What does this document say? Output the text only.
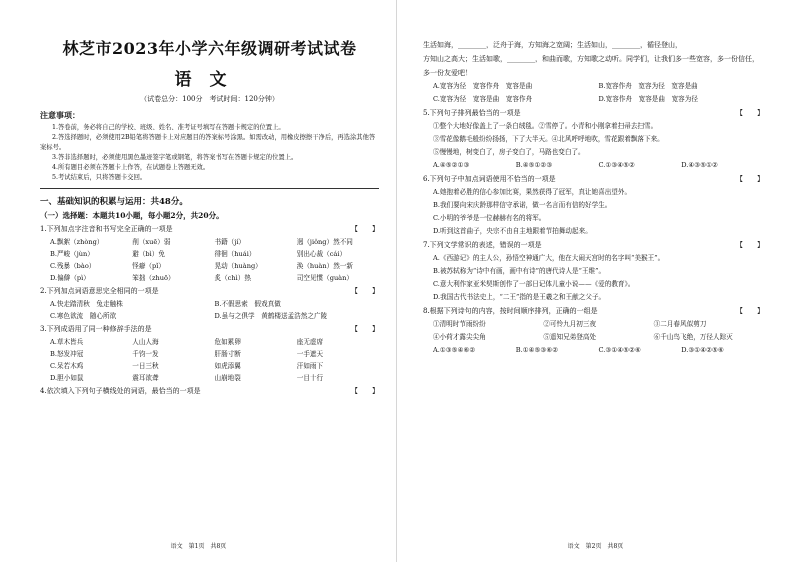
林芝市2023年小学六年级调研考试试卷

语文

（试卷总分：100分　考试时间：120分钟）

注意事项：

1.答卷前，务必将自己的学校、班级、姓名、准考证号填写在答题卡规定的位置上。

2.答选择题时，必须使用2B铅笔将答题卡上对应题目的答案标号涂黑。如需改动，用橡皮擦擦干净后，再选涂其他答案标号。

3.答非选择题时，必须使用黑色墨迹签字笔或钢笔，将答案书写在答题卡规定的位置上。

4.所有题目必须在答题卡上作答，在试题卷上答题无效。

5.考试结束后，只将答题卡交回。

一、基础知识的积累与运用：共48分。

（一）选择题：本题共10小题，每小题2分，共20分。

1.下列加点字注音和书写完全正确的一项是	【　　】
A.飘絮（zhòng）	削（xuē）弱	书籍（jí）	迥（jiǒng）然不同
B.严峻（jùn）	避（bì）免	徘徊（huái）	别出心裁（cái）
C.残暴（bào）	怪癖（pǐ）	晃动（huàng）	涣（huàn）然一新
D.偏僻（pì）	笨拙（zhuō）	炙（chì）热	司空见惯（guàn）
2.下列加点词语意思完全相同的一项是	【　　】
A.快走踏清秋　兔走触株	B.不假思索　假戏真做
C.寒色欲流　随心所欲	D.虽与之俱学　黄鹤楼送孟浩然之广陵
3.下列成语用了同一种修辞手法的是	【　　】
A.草木皆兵	人山人海	危如累卵	座无虚席
B.怒发冲冠	千钧一发	肝肠寸断	一手遮天
C.呆若木鸡	一日三秋	如虎添翼	汗如雨下
D.胆小如鼠	震耳欲聋	山崩地裂	一目十行
4.依次填入下列句子横线处的词语，最恰当的一项是	【　　】
语文　第1页　共8页

生活如海，________，泛舟于海，方知海之宽阔；生活如山，________，循径登山，

方知山之高大；生活如歌，________，和曲而歌，方知歌之动听。同学们，让我们多一些宽容，多一份信任，多一份友爱吧！

A.宽容为径　宽容作舟　宽容是曲	B.宽容作舟　宽容为径　宽容是曲
C.宽容为径　宽容是曲　宽容作舟	D.宽容作舟　宽容是曲　宽容为径
5.下列句子排列最恰当的一项是	【　　】
①整个大地好像盖上了一条白绒毯。②雪停了。小青和小刚拿着扫帚去扫雪。
③雪花像鹅毛般纷纷扬扬，下了大半天。④北风呼呼地吹，雪花跟着飘落下来。
⑤慢慢地，树变白了，房子变白了，马路也变白了。
A.④⑤②①③	B.④⑤①②③	C.①③④⑤②	D.④③⑤①②
6.下列句子中加点词语使用不恰当的一项是	【　　】
A.她抱着必胜的信心参加比赛，果然获得了冠军，真让她喜出望外。
B.我们要向宋庆龄那样信守承诺，做一名言而有信的好学生。
C.小明的爷爷是一位赫赫有名的将军。
D.听到这首曲子，央宗不由自主地跟着节拍舞动起来。
7.下列文学常识的表述，错误的一项是	【　　】
A.《西游记》的主人公，孙悟空神通广大，他在大闹天宫时的名字叫“美猴王”。
B.被苏轼称为“诗中有画，画中有诗”的唐代诗人是“王维”。
C.意大利作家亚米契斯创作了一部日记体儿童小说——《爱的教育》。
D.我国古代书法史上，“二王”指的是王羲之和王献之父子。
8.根据下列诗句的内容，按时间顺序排列，正确的一组是	【　　】
①清明时节雨纷纷	②可怜九月初三夜	③二月春风似剪刀
④小荷才露尖尖角	⑤遥知兄弟登高处	⑥千山鸟飞绝，万径人踪灭
A.①③⑤④⑥②	B.①④⑤③⑥②	C.③①④⑤②⑥	D.③①④②⑤⑥
语文　第2页　共8页
